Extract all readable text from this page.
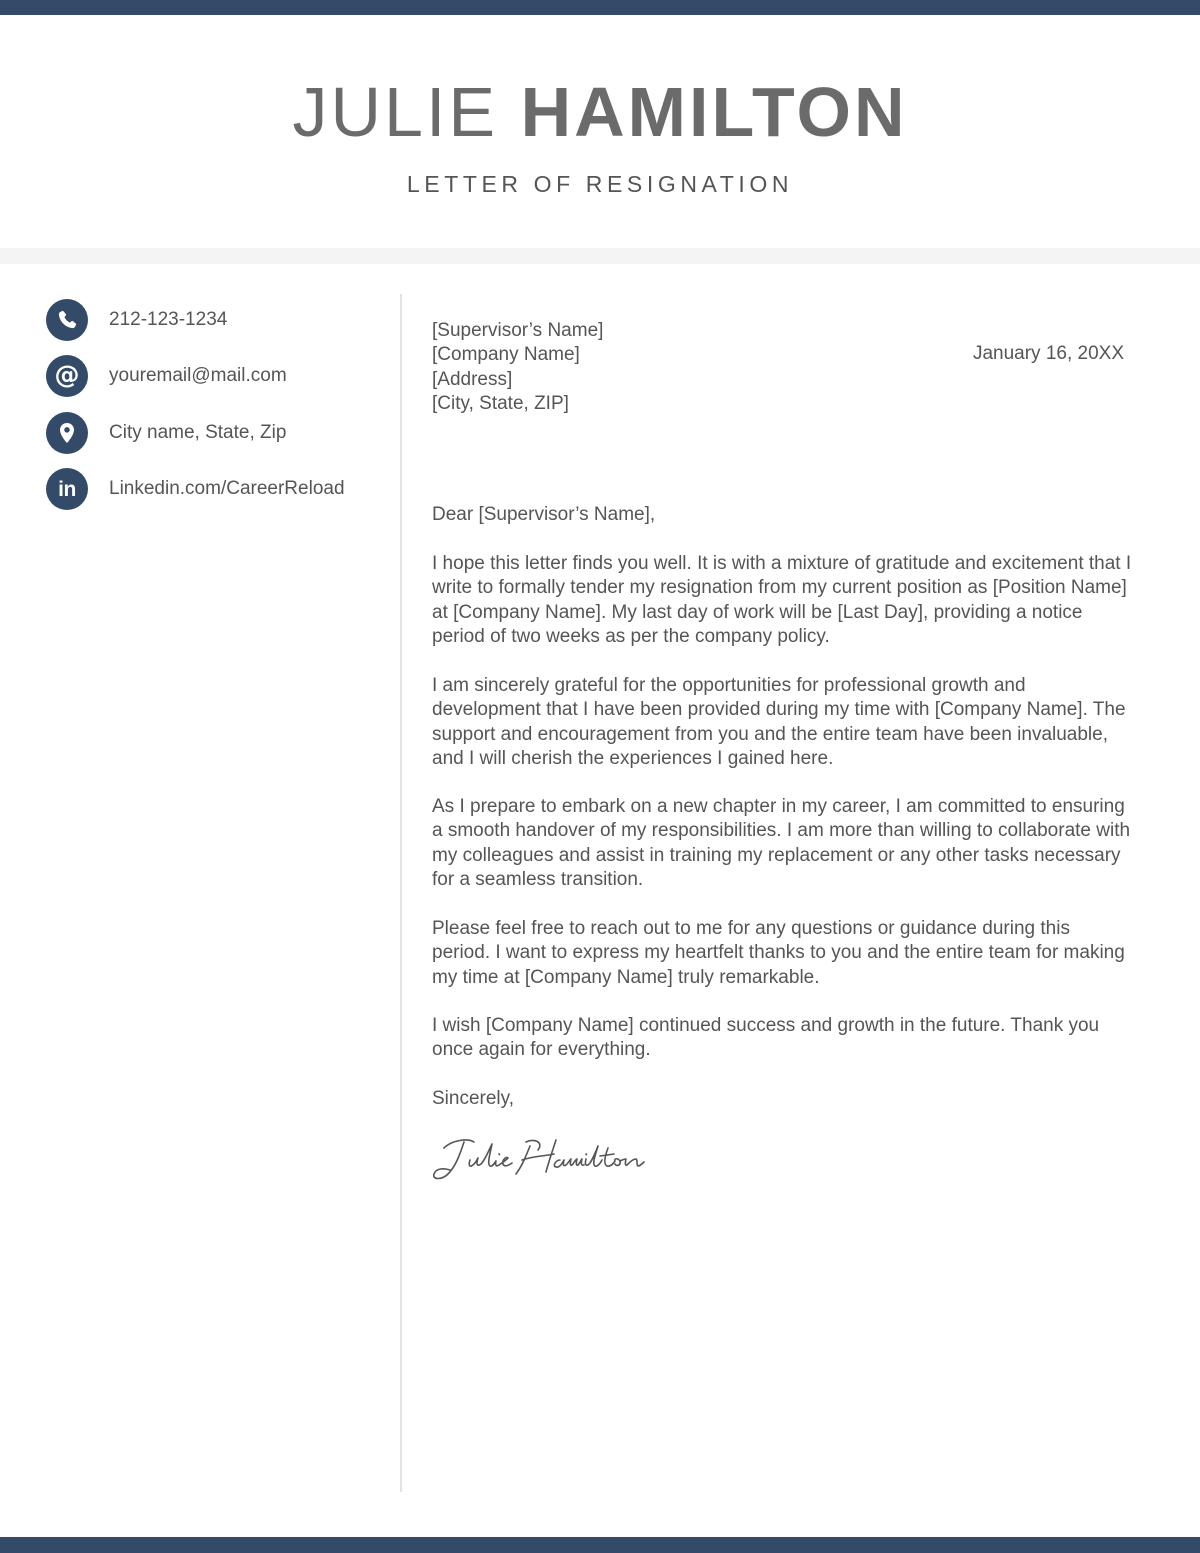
JULIE HAMILTON
LETTER OF RESIGNATION
212-123-1234
@ youremail@mail.com
City name, State, Zip
in Linkedin.com/CareerReload
[Supervisor’s Name]
[Company Name]
[Address]
[City, State, ZIP]
January 16, 20XX
Dear [Supervisor’s Name],
I hope this letter finds you well. It is with a mixture of gratitude and excitement that I write to formally tender my resignation from my current position as [Position Name] at [Company Name]. My last day of work will be [Last Day], providing a notice period of two weeks as per the company policy.
I am sincerely grateful for the opportunities for professional growth and development that I have been provided during my time with [Company Name]. The support and encouragement from you and the entire team have been invaluable, and I will cherish the experiences I gained here.
As I prepare to embark on a new chapter in my career, I am committed to ensuring a smooth handover of my responsibilities. I am more than willing to collaborate with my colleagues and assist in training my replacement or any other tasks necessary for a seamless transition.
Please feel free to reach out to me for any questions or guidance during this period. I want to express my heartfelt thanks to you and the entire team for making my time at [Company Name] truly remarkable.
I wish [Company Name] continued success and growth in the future. Thank you once again for everything.
Sincerely,
